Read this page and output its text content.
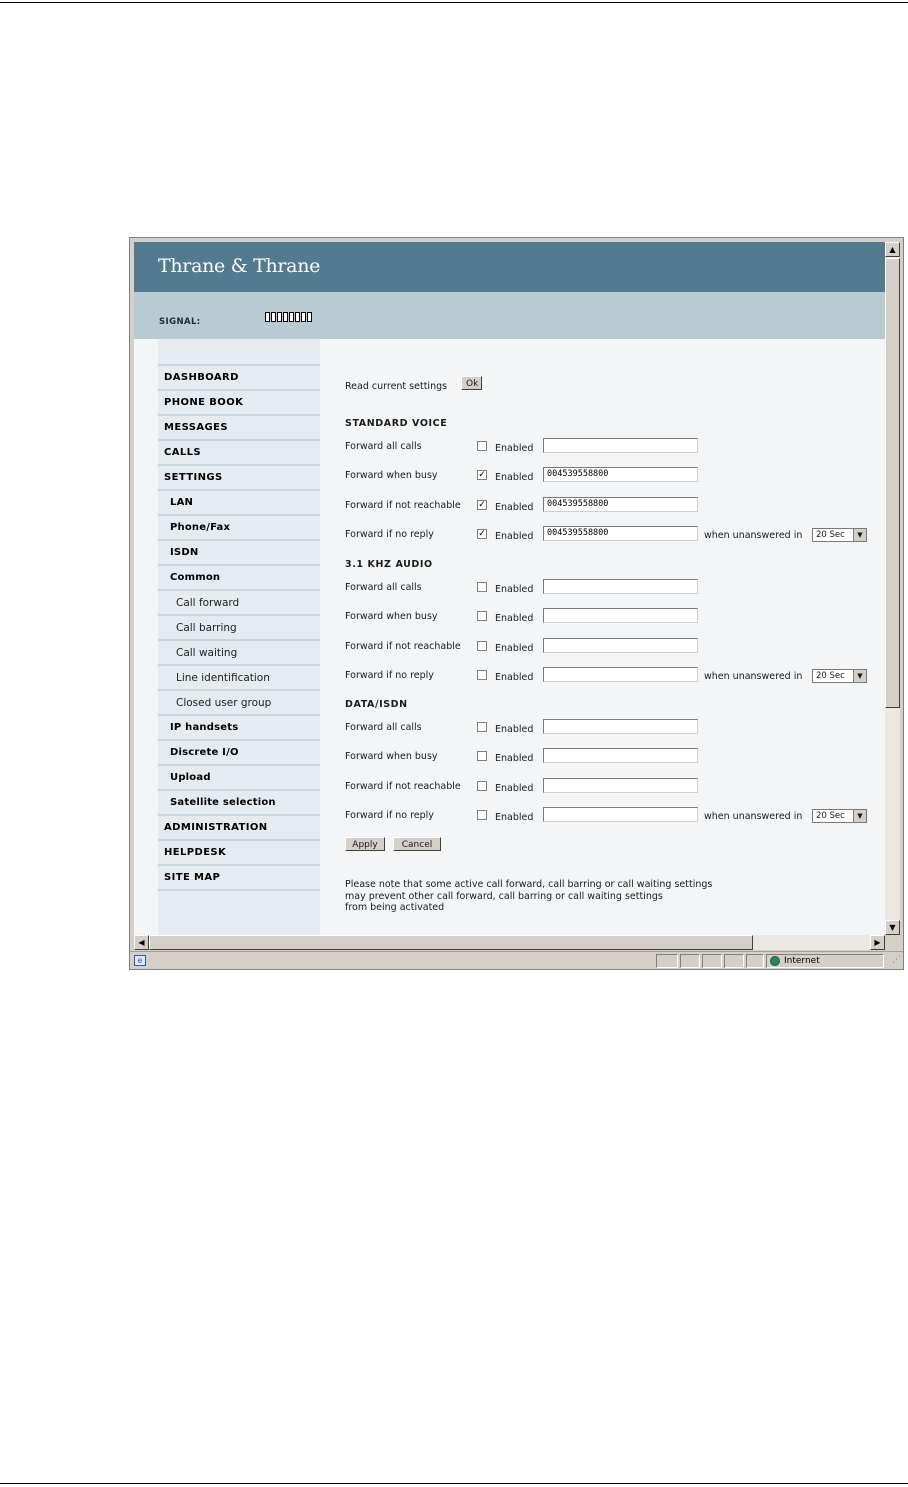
Thrane & Thrane
SIGNAL:
DASHBOARD
PHONE BOOK
MESSAGES
CALLS
SETTINGS
LAN
Phone/Fax
ISDN
Common
Call forward
Call barring
Call waiting
Line identification
Closed user group
IP handsets
Discrete I/O
Upload
Satellite selection
ADMINISTRATION
HELPDESK
SITE MAP
Read current settings	Ok
Apply	Cancel
Please note that some active call forward, call barring or call waiting settings
may prevent other call forward, call barring or call waiting settings
from being activated
STANDARD VOICE
Forward all calls	Enabled
Forward when busy	✓ Enabled	004539558800
Forward if not reachable ✓ Enabled	004539558800
Forward if no reply	✓ Enabled	004539558800	when unanswered in	20 Sec	▼
3.1 KHZ AUDIO
Forward all calls	Enabled
Forward when busy	Enabled
Forward if not reachable	Enabled
Forward if no reply	Enabled	when unanswered in	20 Sec	▼
DATA/ISDN
Forward all calls	Enabled
Forward when busy	Enabled
Forward if not reachable	Enabled
Forward if no reply	Enabled	when unanswered in	20 Sec	▼
▲
▼
◀	▶
e	Internet	⋰
